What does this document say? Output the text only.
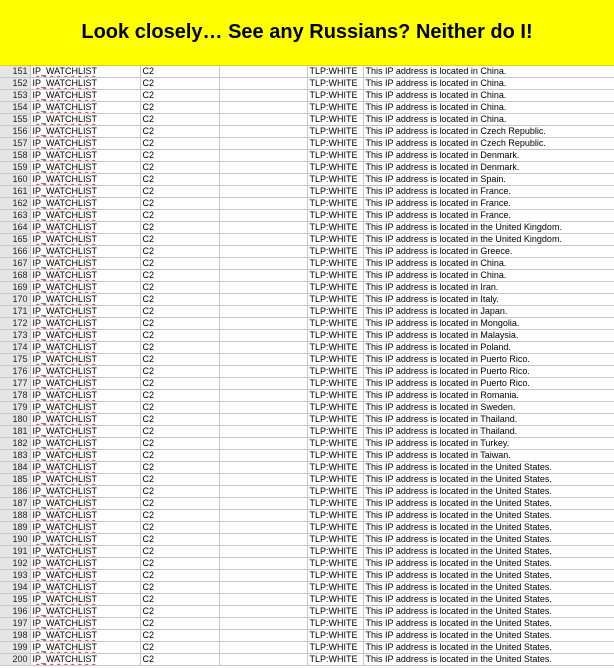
Look closely… See any Russians? Neither do I!
151	IP_WATCHLIST	C2		TLP:WHITE	This IP address is located in China.
152	IP_WATCHLIST	C2		TLP:WHITE	This IP address is located in China.
153	IP_WATCHLIST	C2		TLP:WHITE	This IP address is located in China.
154	IP_WATCHLIST	C2		TLP:WHITE	This IP address is located in China.
155	IP_WATCHLIST	C2		TLP:WHITE	This IP address is located in China.
156	IP_WATCHLIST	C2		TLP:WHITE	This IP address is located in Czech Republic.
157	IP_WATCHLIST	C2		TLP:WHITE	This IP address is located in Czech Republic.
158	IP_WATCHLIST	C2		TLP:WHITE	This IP address is located in Denmark.
159	IP_WATCHLIST	C2		TLP:WHITE	This IP address is located in Denmark.
160	IP_WATCHLIST	C2		TLP:WHITE	This IP address is located in Spain.
161	IP_WATCHLIST	C2		TLP:WHITE	This IP address is located in France.
162	IP_WATCHLIST	C2		TLP:WHITE	This IP address is located in France.
163	IP_WATCHLIST	C2		TLP:WHITE	This IP address is located in France.
164	IP_WATCHLIST	C2		TLP:WHITE	This IP address is located in the United Kingdom.
165	IP_WATCHLIST	C2		TLP:WHITE	This IP address is located in the United Kingdom.
166	IP_WATCHLIST	C2		TLP:WHITE	This IP address is located in Greece.
167	IP_WATCHLIST	C2		TLP:WHITE	This IP address is located in China.
168	IP_WATCHLIST	C2		TLP:WHITE	This IP address is located in China.
169	IP_WATCHLIST	C2		TLP:WHITE	This IP address is located in Iran.
170	IP_WATCHLIST	C2		TLP:WHITE	This IP address is located in Italy.
171	IP_WATCHLIST	C2		TLP:WHITE	This IP address is located in Japan.
172	IP_WATCHLIST	C2		TLP:WHITE	This IP address is located in Mongolia.
173	IP_WATCHLIST	C2		TLP:WHITE	This IP address is located in Malaysia.
174	IP_WATCHLIST	C2		TLP:WHITE	This IP address is located in Poland.
175	IP_WATCHLIST	C2		TLP:WHITE	This IP address is located in Puerto Rico.
176	IP_WATCHLIST	C2		TLP:WHITE	This IP address is located in Puerto Rico.
177	IP_WATCHLIST	C2		TLP:WHITE	This IP address is located in Puerto Rico.
178	IP_WATCHLIST	C2		TLP:WHITE	This IP address is located in Romania.
179	IP_WATCHLIST	C2		TLP:WHITE	This IP address is located in Sweden.
180	IP_WATCHLIST	C2		TLP:WHITE	This IP address is located in Thailand.
181	IP_WATCHLIST	C2		TLP:WHITE	This IP address is located in Thailand.
182	IP_WATCHLIST	C2		TLP:WHITE	This IP address is located in Turkey.
183	IP_WATCHLIST	C2		TLP:WHITE	This IP address is located in Taiwan.
184	IP_WATCHLIST	C2		TLP:WHITE	This IP address is located in the United States.
185	IP_WATCHLIST	C2		TLP:WHITE	This IP address is located in the United States.
186	IP_WATCHLIST	C2		TLP:WHITE	This IP address is located in the United States.
187	IP_WATCHLIST	C2		TLP:WHITE	This IP address is located in the United States.
188	IP_WATCHLIST	C2		TLP:WHITE	This IP address is located in the United States.
189	IP_WATCHLIST	C2		TLP:WHITE	This IP address is located in the United States.
190	IP_WATCHLIST	C2		TLP:WHITE	This IP address is located in the United States.
191	IP_WATCHLIST	C2		TLP:WHITE	This IP address is located in the United States.
192	IP_WATCHLIST	C2		TLP:WHITE	This IP address is located in the United States.
193	IP_WATCHLIST	C2		TLP:WHITE	This IP address is located in the United States.
194	IP_WATCHLIST	C2		TLP:WHITE	This IP address is located in the United States.
195	IP_WATCHLIST	C2		TLP:WHITE	This IP address is located in the United States.
196	IP_WATCHLIST	C2		TLP:WHITE	This IP address is located in the United States.
197	IP_WATCHLIST	C2		TLP:WHITE	This IP address is located in the United States.
198	IP_WATCHLIST	C2		TLP:WHITE	This IP address is located in the United States.
199	IP_WATCHLIST	C2		TLP:WHITE	This IP address is located in the United States.
200	IP_WATCHLIST	C2		TLP:WHITE	This IP address is located in the United States.
